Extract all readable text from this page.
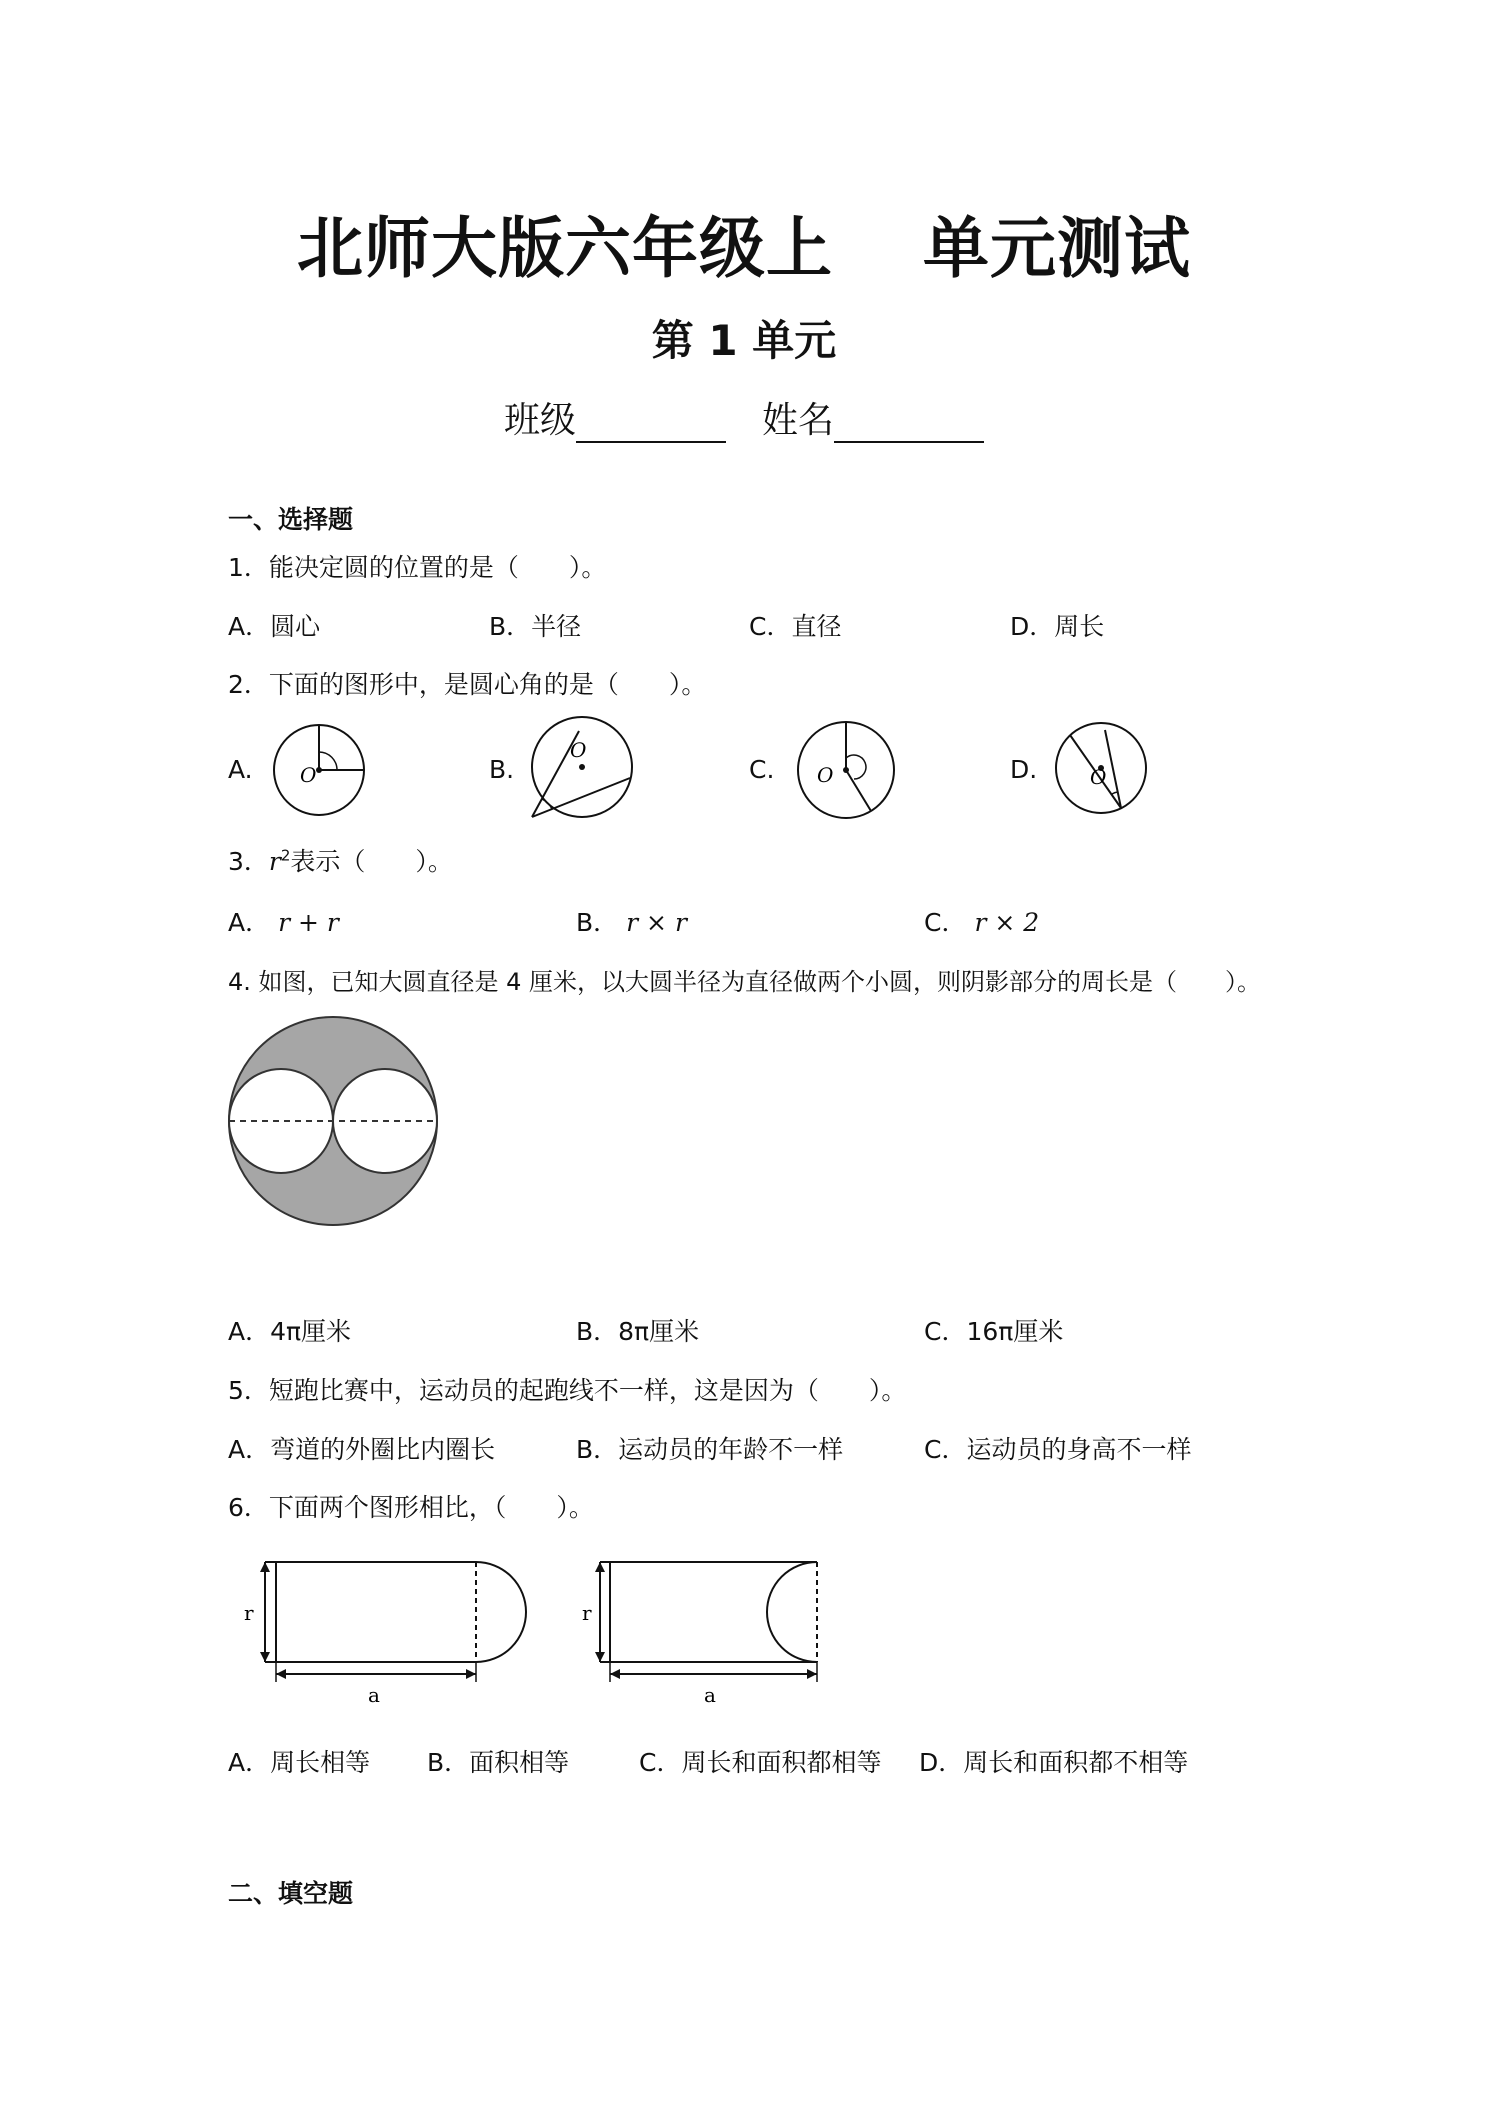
北师大版六年级上 单元测试
第 1 单元
班级	姓名
一、选择题
1．能决定圆的位置的是（　　）。
A．圆心	B．半径	C．直径	D．周长
2．下面的图形中，是圆心角的是（　　）。
A.	B.	C.	D.
O
O
O	O
3．$r^2$表示（　　）。
A． r + r	B． r × r	C． r × 2
4. 如图，已知大圆直径是 4 厘米，以大圆半径为直径做两个小圆，则阴影部分的周长是（　　）。
A．4π厘米	B．8π厘米	C．16π厘米
5．短跑比赛中，运动员的起跑线不一样，这是因为（　　）。
A．弯道的外圈比内圈长	B．运动员的年龄不一样	C．运动员的身高不一样
6．下面两个图形相比，（　　）。
r
a
r
a
A．周长相等 B．面积相等	C．周长和面积都相等 D．周长和面积都不相等
二、填空题
